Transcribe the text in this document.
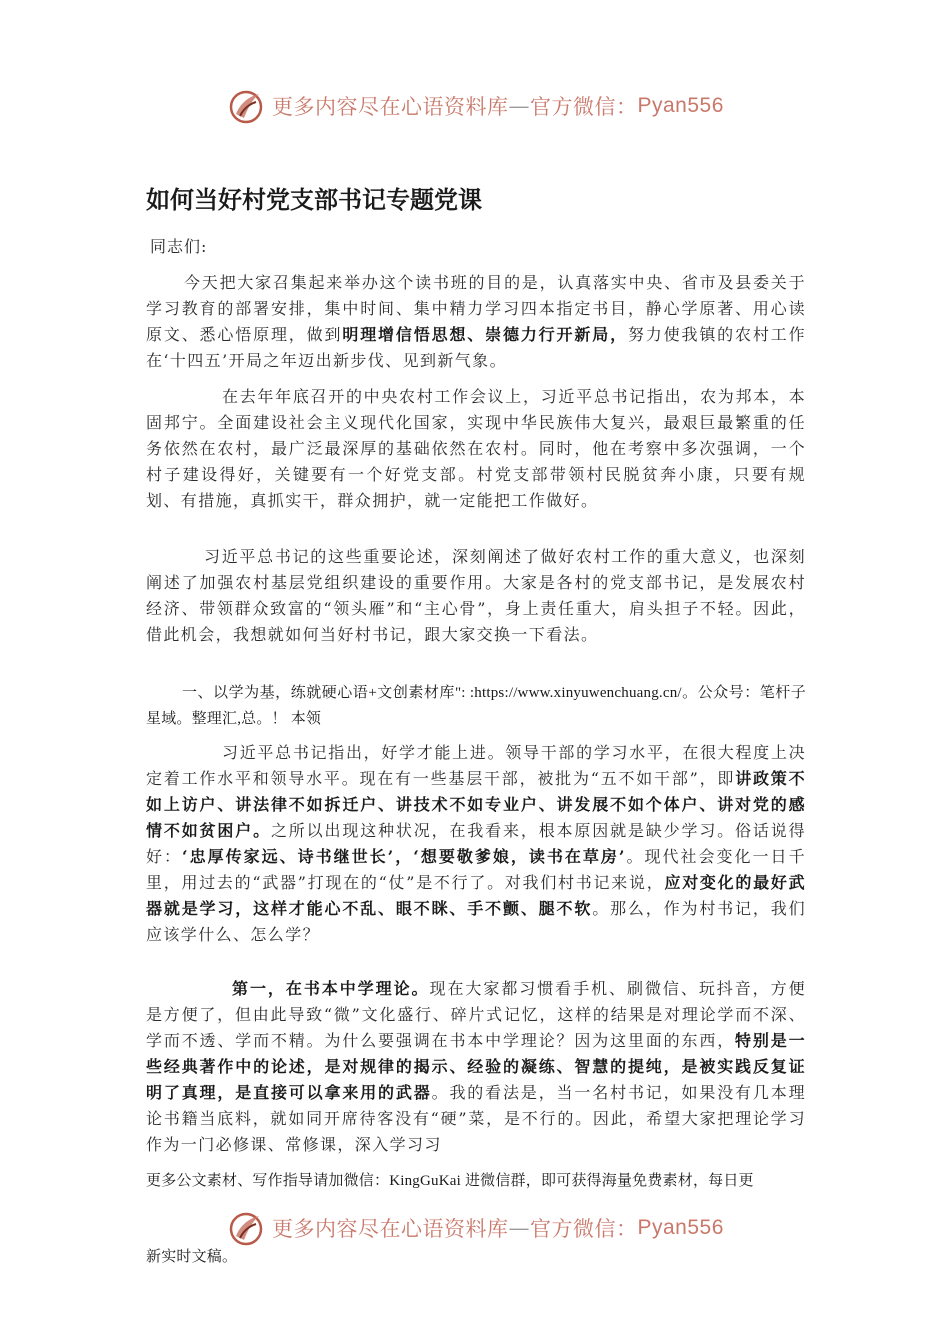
更多内容尽在心语资料库 — 官方微信： Pyan556
如何当好村党支部书记专题党课

同志们:

今天把大家召集起来举办这个读书班的目的是，认真落实中央、省市及县委关于学习教育的部署安排，集中时间、集中精力学习四本指定书目，静心学原著、用心读原文、悉心悟原理，做到明理增信悟思想、崇德力行开新局，努力使我镇的农村工作在‘十四五’开局之年迈出新步伐、见到新气象。

在去年年底召开的中央农村工作会议上，习近平总书记指出，农为邦本，本固邦宁。全面建设社会主义现代化国家，实现中华民族伟大复兴，最艰巨最繁重的任务依然在农村，最广泛最深厚的基础依然在农村。同时，他在考察中多次强调，一个村子建设得好，关键要有一个好党支部。村党支部带领村民脱贫奔小康，只要有规划、有措施，真抓实干，群众拥护，就一定能把工作做好。

习近平总书记的这些重要论述，深刻阐述了做好农村工作的重大意义，也深刻阐述了加强农村基层党组织建设的重要作用。大家是各村的党支部书记，是发展农村经济、带领群众致富的“领头雁”和“主心骨”，身上责任重大，肩头担子不轻。因此，借此机会，我想就如何当好村书记，跟大家交换一下看法。

一、以学为基，练就硬心语+文创素材库": :https://www.xinyuwenchuang.cn/。公众号：笔杆子星域。整理汇,总。！ 本领

习近平总书记指出，好学才能上进。领导干部的学习水平，在很大程度上决定着工作水平和领导水平。现在有一些基层干部，被批为“五不如干部”，即讲政策不如上访户、讲法律不如拆迁户、讲技术不如专业户、讲发展不如个体户、讲对党的感情不如贫困户。之所以出现这种状况，在我看来，根本原因就是缺少学习。俗话说得好：‘忠厚传家远、诗书继世长’，‘想要敬爹娘，读书在草房’。现代社会变化一日千里，用过去的“武器”打现在的“仗”是不行了。对我们村书记来说，应对变化的最好武器就是学习，这样才能心不乱、眼不眯、手不颤、腿不软。那么，作为村书记，我们应该学什么、怎么学？

第一，在书本中学理论。现在大家都习惯看手机、刷微信、玩抖音，方便是方便了，但由此导致“微”文化盛行、碎片式记忆，这样的结果是对理论学而不深、学而不透、学而不精。为什么要强调在书本中学理论？因为这里面的东西，特别是一些经典著作中的论述，是对规律的揭示、经验的凝练、智慧的提纯，是被实践反复证明了真理，是直接可以拿来用的武器。我的看法是，当一名村书记，如果没有几本理论书籍当底料，就如同开席待客没有“硬”菜，是不行的。因此，希望大家把理论学习作为一门必修课、常修课，深入学习习

更多公文素材、写作指导请加微信：KingGuKai 进微信群，即可获得海量免费素材，每日更

更多内容尽在心语资料库 — 官方微信： Pyan556

新实时文稿。
